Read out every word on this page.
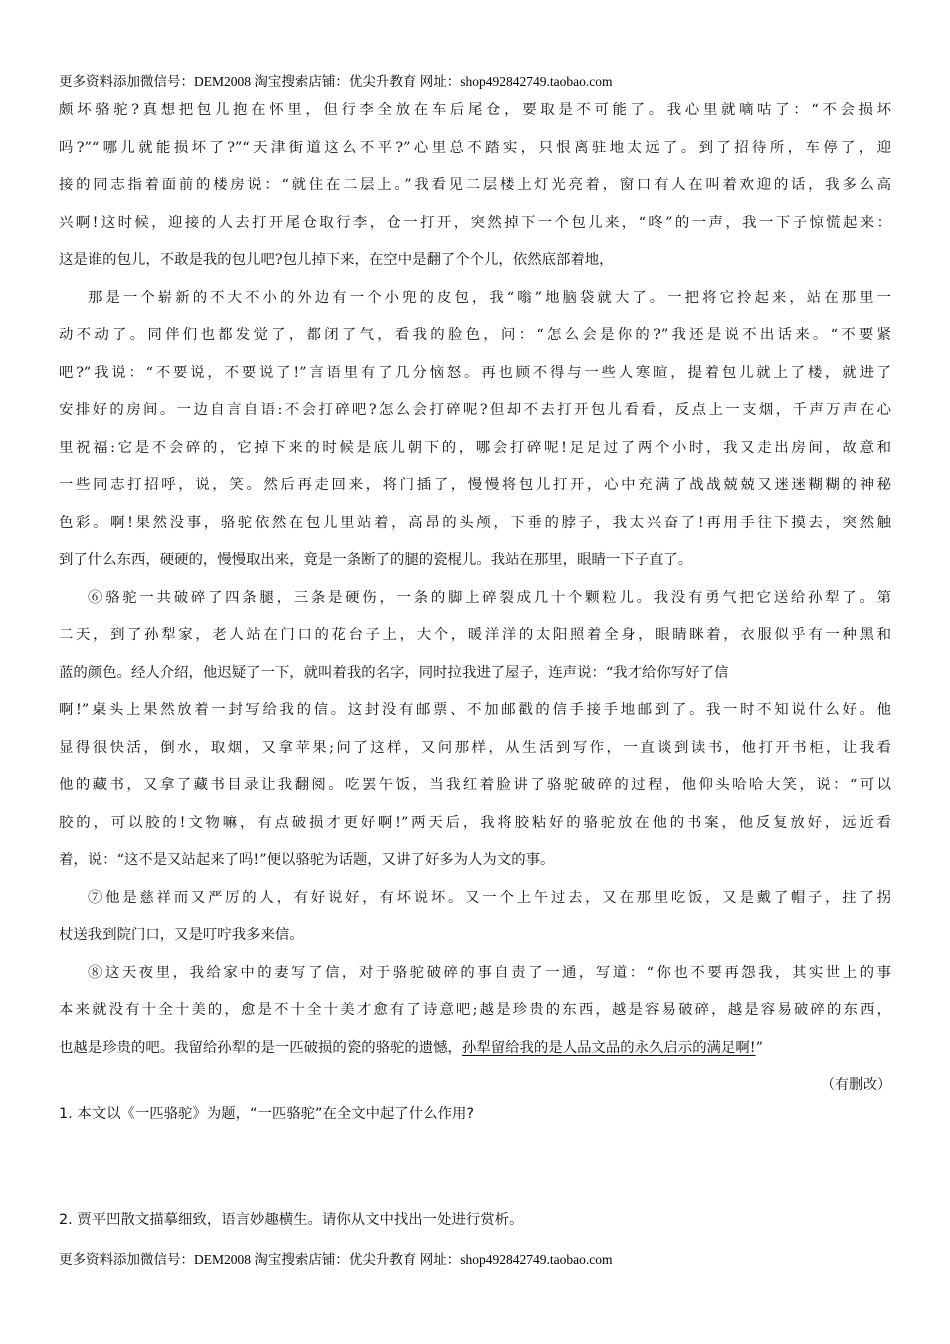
更多资料添加微信号：DEM2008 淘宝搜索店铺：优尖升教育 网址：shop492842749.taobao.com
颇坏骆驼?真想把包儿抱在怀里，但行李全放在车后尾仓，要取是不可能了。我心里就嘀咕了：“不会损坏
吗?”“哪儿就能损坏了?”“天津街道这么不平?”心里总不踏实，只恨离驻地太远了。到了招待所，车停了，迎
接的同志指着面前的楼房说：“就住在二层上。”我看见二层楼上灯光亮着，窗口有人在叫着欢迎的话，我多么高
兴啊!这时候，迎接的人去打开尾仓取行李，仓一打开，突然掉下一个包儿来，“咚”的一声，我一下子惊慌起来：
这是谁的包儿，不敢是我的包儿吧?包儿掉下来，在空中是翻了个个儿，依然底部着地，
那是一个崭新的不大不小的外边有一个小兜的皮包，我“嗡”地脑袋就大了。一把将它拎起来，站在那里一
动不动了。同伴们也都发觉了，都闭了气，看我的脸色，问：“怎么会是你的?”我还是说不出话来。“不要紧
吧?”我说：“不要说，不要说了!”言语里有了几分恼怒。再也顾不得与一些人寒暄，提着包儿就上了楼，就进了
安排好的房间。一边自言自语:不会打碎吧?怎么会打碎呢?但却不去打开包儿看看，反点上一支烟，千声万声在心
里祝福:它是不会碎的，它掉下来的时候是底儿朝下的，哪会打碎呢!足足过了两个小时，我又走出房间，故意和
一些同志打招呼，说，笑。然后再走回来，将门插了，慢慢将包儿打开，心中充满了战战兢兢又迷迷糊糊的神秘
色彩。啊!果然没事，骆驼依然在包儿里站着，高昂的头颅，下垂的脖子，我太兴奋了!再用手往下摸去，突然触
到了什么东西，硬硬的，慢慢取出来，竟是一条断了的腿的瓷棍儿。我站在那里，眼睛一下子直了。
⑥骆驼一共破碎了四条腿，三条是硬伤，一条的脚上碎裂成几十个颗粒儿。我没有勇气把它送给孙犁了。第
二天，到了孙犁家，老人站在门口的花台子上，大个，暖洋洋的太阳照着全身，眼睛眯着，衣服似乎有一种黑和
蓝的颜色。经人介绍，他迟疑了一下，就叫着我的名字，同时拉我进了屋子，连声说：“我才给你写好了信
啊!”桌头上果然放着一封写给我的信。这封没有邮票、不加邮戳的信手接手地邮到了。我一时不知说什么好。他
显得很快活，倒水，取烟，又拿苹果;问了这样，又问那样，从生活到写作，一直谈到读书，他打开书柜，让我看
他的藏书，又拿了藏书目录让我翻阅。吃罢午饭，当我红着脸讲了骆驼破碎的过程，他仰头哈哈大笑，说：“可以
胶的，可以胶的!文物嘛，有点破损才更好啊!”两天后，我将胶粘好的骆驼放在他的书案，他反复放好，远近看
着，说：“这不是又站起来了吗!”便以骆驼为话题，又讲了好多为人为文的事。
⑦他是慈祥而又严厉的人，有好说好，有坏说坏。又一个上午过去，又在那里吃饭，又是戴了帽子，拄了拐
杖送我到院门口，又是叮咛我多来信。
⑧这天夜里，我给家中的妻写了信，对于骆驼破碎的事自责了一通，写道：“你也不要再怨我，其实世上的事
本来就没有十全十美的，愈是不十全十美才愈有了诗意吧;越是珍贵的东西，越是容易破碎，越是容易破碎的东西，
也越是珍贵的吧。我留给孙犁的是一匹破损的瓷的骆驼的遗憾，孙犁留给我的是人品文品的永久启示的满足啊!”
（有删改）
1. 本文以《一匹骆驼》为题，“一匹骆驼”在全文中起了什么作用?
2. 贾平凹散文描摹细致，语言妙趣横生。请你从文中找出一处进行赏析。
更多资料添加微信号：DEM2008 淘宝搜索店铺：优尖升教育 网址：shop492842749.taobao.com
